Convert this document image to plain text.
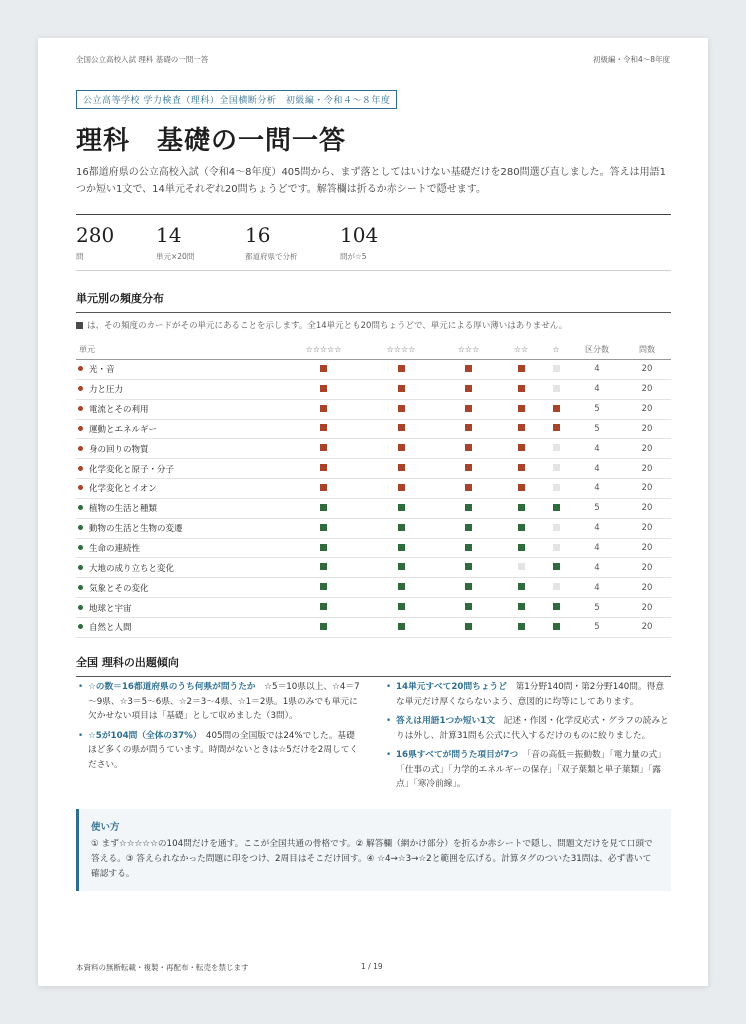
全国公立高校入試 理科 基礎の一問一答	初級編・令和4～8年度
公立高等学校 学力検査（理科）全国横断分析　初級編・令和４～８年度
理科　基礎の一問一答
16都道府県の公立高校入試（令和4～8年度）405問から、まず落としてはいけない基礎だけを280問選び直しました。答えは用語1つか短い1文で、14単元それぞれ20問ちょうどです。解答欄は折るか赤シートで隠せます。
280
問
14
単元×20問
16
都道府県で分析
104
問が☆5
単元別の頻度分布
は、その頻度のカードがその単元にあることを示します。全14単元とも20問ちょうどで、単元による厚い薄いはありません。
単元	☆☆☆☆☆	☆☆☆☆	☆☆☆	☆☆	☆	区分数	問数
光・音						4	20
力と圧力						4	20
電流とその利用						5	20
運動とエネルギー						5	20
身の回りの物質						4	20
化学変化と原子・分子						4	20
化学変化とイオン						4	20
植物の生活と種類						5	20
動物の生活と生物の変遷						4	20
生命の連続性						4	20
大地の成り立ちと変化						4	20
気象とその変化						4	20
地球と宇宙						5	20
自然と人間						5	20
全国 理科の出題傾向
• ☆の数＝16都道府県のうち何県が問うたか　 ☆5＝10県以上、☆4＝7～9県、☆3＝5～6県、☆2＝3～4県、☆1＝2県。1県のみでも単元に欠かせない項目は「基礎」として収めました（3問）。
• ☆5が104問（全体の37%）　 405問の全国版では24%でした。基礎ほど多くの県が問うています。時間がないときは☆5だけを2周してください。
• 14単元すべて20問ちょうど　 第1分野140問・第2分野140問。得意な単元だけ厚くならないよう、意図的に均等にしてあります。
• 答えは用語1つか短い1文　 記述・作図・化学反応式・グラフの読みとりは外し、計算31問も公式に代入するだけのものに絞りました。
• 16県すべてが問うた項目が7つ　 「音の高低＝振動数」「電力量の式」「仕事の式」「力学的エネルギーの保存」「双子葉類と単子葉類」「露点」「寒冷前線」。
使い方
① まず☆☆☆☆☆の104問だけを通す。ここが全国共通の骨格です。② 解答欄（網かけ部分）を折るか赤シートで隠し、問題文だけを見て口頭で答える。③ 答えられなかった問題に印をつけ、2周目はそこだけ回す。④ ☆4→☆3→☆2と範囲を広げる。計算タグのついた31問は、必ず書いて確認する。
本資料の無断転載・複製・再配布・転売を禁じます	1 / 19
